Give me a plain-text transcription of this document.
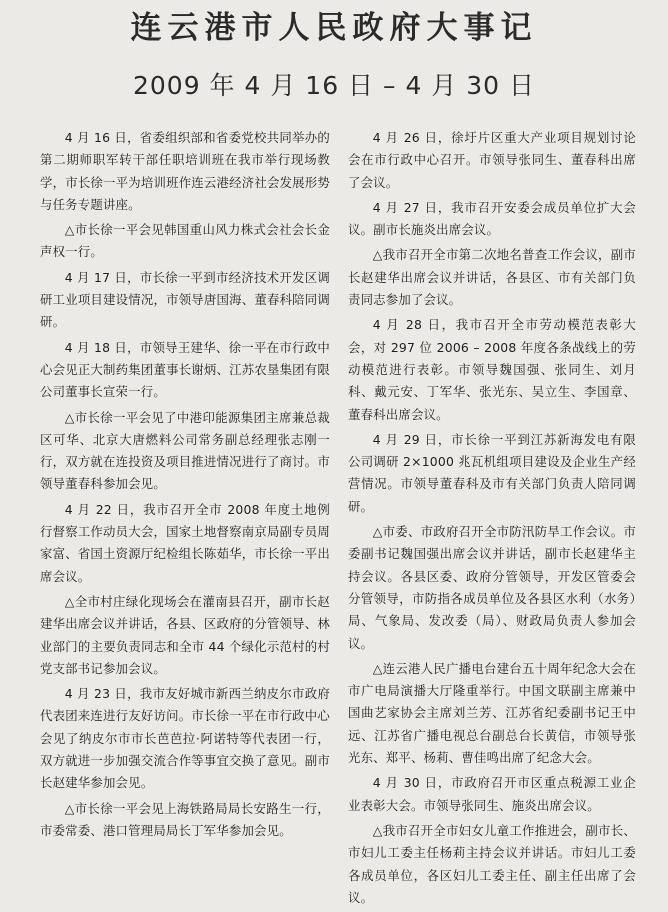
连云港市人民政府大事记
2009 年 4 月 16 日 – 4 月 30 日

4 月 16 日，省委组织部和省委党校共同举办的第二期师职军转干部任职培训班在我市举行现场教学，市长徐一平为培训班作连云港经济社会发展形势与任务专题讲座。

△市长徐一平会见韩国重山风力株式会社会长金声权一行。

4 月 17 日，市长徐一平到市经济技术开发区调研工业项目建设情况，市领导唐国海、董春科陪同调研。

4 月 18 日，市领导王建华、徐一平在市行政中心会见正大制药集团董事长谢炳、江苏农垦集团有限公司董事长宣荣一行。

△市长徐一平会见了中港印能源集团主席兼总裁区可华、北京大唐燃料公司常务副总经理张志刚一行，双方就在连投资及项目推进情况进行了商讨。市领导董春科参加会见。

4 月 22 日，我市召开全市 2008 年度土地例行督察工作动员大会，国家土地督察南京局副专员周家富、省国土资源厅纪检组长陈茹华，市长徐一平出席会议。

△全市村庄绿化现场会在灌南县召开，副市长赵建华出席会议并讲话，各县、区政府的分管领导、林业部门的主要负责同志和全市 44 个绿化示范村的村党支部书记参加会议。

4 月 23 日，我市友好城市新西兰纳皮尔市政府代表团来连进行友好访问。市长徐一平在市行政中心会见了纳皮尔市市长芭芭拉·阿诺特等代表团一行，双方就进一步加强交流合作等事宜交换了意见。副市长赵建华参加会见。

△市长徐一平会见上海铁路局局长安路生一行，市委常委、港口管理局局长丁军华参加会见。

4 月 26 日，徐圩片区重大产业项目规划讨论会在市行政中心召开。市领导张同生、董春科出席了会议。

4 月 27 日，我市召开安委会成员单位扩大会议。副市长施炎出席会议。

△我市召开全市第二次地名普查工作会议，副市长赵建华出席会议并讲话，各县区、市有关部门负责同志参加了会议。

4 月 28 日，我市召开全市劳动模范表彰大会，对 297 位 2006 – 2008 年度各条战线上的劳动模范进行表彰。市领导魏国强、张同生、刘月科、戴元安、丁军华、张光东、吴立生、李国章、董春科出席会议。

4 月 29 日，市长徐一平到江苏新海发电有限公司调研 2×1000 兆瓦机组项目建设及企业生产经营情况。市领导董春科及市有关部门负责人陪同调研。

△市委、市政府召开全市防汛防旱工作会议。市委副书记魏国强出席会议并讲话，副市长赵建华主持会议。各县区委、政府分管领导，开发区管委会分管领导，市防指各成员单位及各县区水利（水务）局、气象局、发改委（局）、财政局负责人参加会议。

△连云港人民广播电台建台五十周年纪念大会在市广电局演播大厅隆重举行。中国文联副主席兼中国曲艺家协会主席刘兰芳、江苏省纪委副书记王中远、江苏省广播电视总台副总台长黄信，市领导张光东、郑平、杨莉、曹佳鸣出席了纪念大会。

4 月 30 日，市政府召开市区重点税源工业企业表彰大会。市领导张同生、施炎出席会议。

△我市召开全市妇女儿童工作推进会，副市长、市妇儿工委主任杨莉主持会议并讲话。市妇儿工委各成员单位，各区妇儿工委主任、副主任出席了会议。
